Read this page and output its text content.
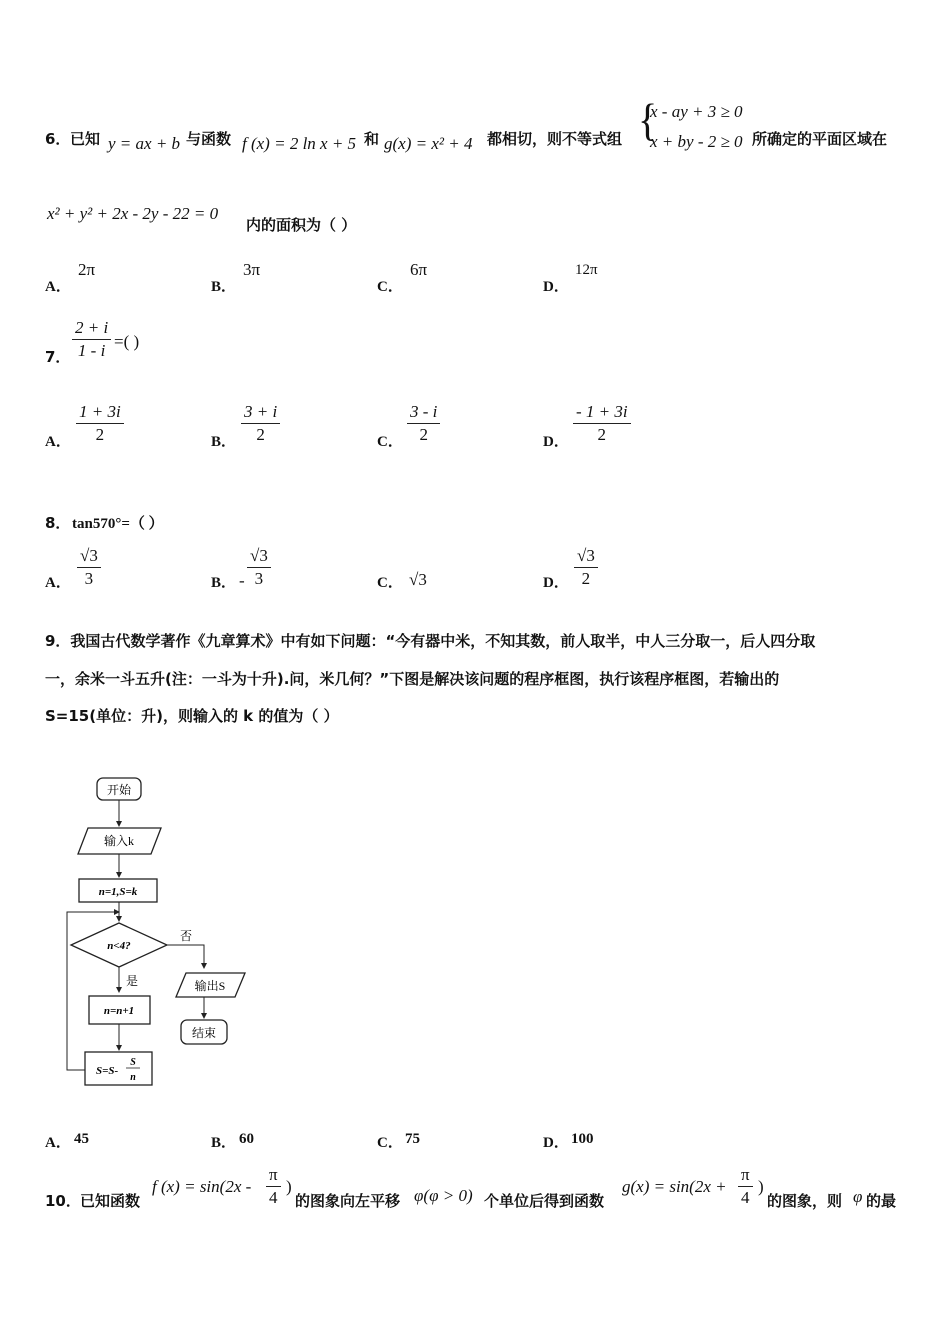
6． 已知 y = ax + b 与函数 f (x) = 2 ln x + 5 和 g(x) = x² + 4 都相切，则不等式组 {
x - ay + 3 ≥ 0
x + by - 2 ≥ 0 所确定的平面区域在
x² + y² + 2x - 2y - 22 = 0
内的面积为（ ）
A．
2π
B．
3π
C．
6π
D．
12π
7． $\frac{2 + i}{1 - i}$ =( )
A． $\frac{1 + 3i}{2}$	B． $\frac{3 + i}{2}$	C． $\frac{3 - i}{2}$	D． $\frac{- 1 + 3i}{2}$
8． tan570°=（ ）
A． $\frac{√3}{3}$	B． - $\frac{√3}{3}$	C． √3	D． $\frac{√3}{2}$
9．我国古代数学著作《九章算术》中有如下问题：“今有器中米，不知其数，前人取半，中人三分取一，后人四分取
一，余米一斗五升(注：一斗为十升).问，米几何？”下图是解决该问题的程序框图，执行该程序框图，若输出的
S=15(单位：升)，则输入的 k 的值为（ ）
开始
输入k
n=1,S=k
n<4?
否
输出S
结束
是
n=n+1
S=S-
S
n
A． 45	B． 60	C． 75	D． 100
10． 已知函数
f $(x) = \sin(2x - \frac{\pi}{4}$ )
的图象向左平移 φ(φ > 0) 个单位后得到函数
$g(x) = \sin(2x + \frac{\pi}{4}$ )
的图象，则 φ 的最
